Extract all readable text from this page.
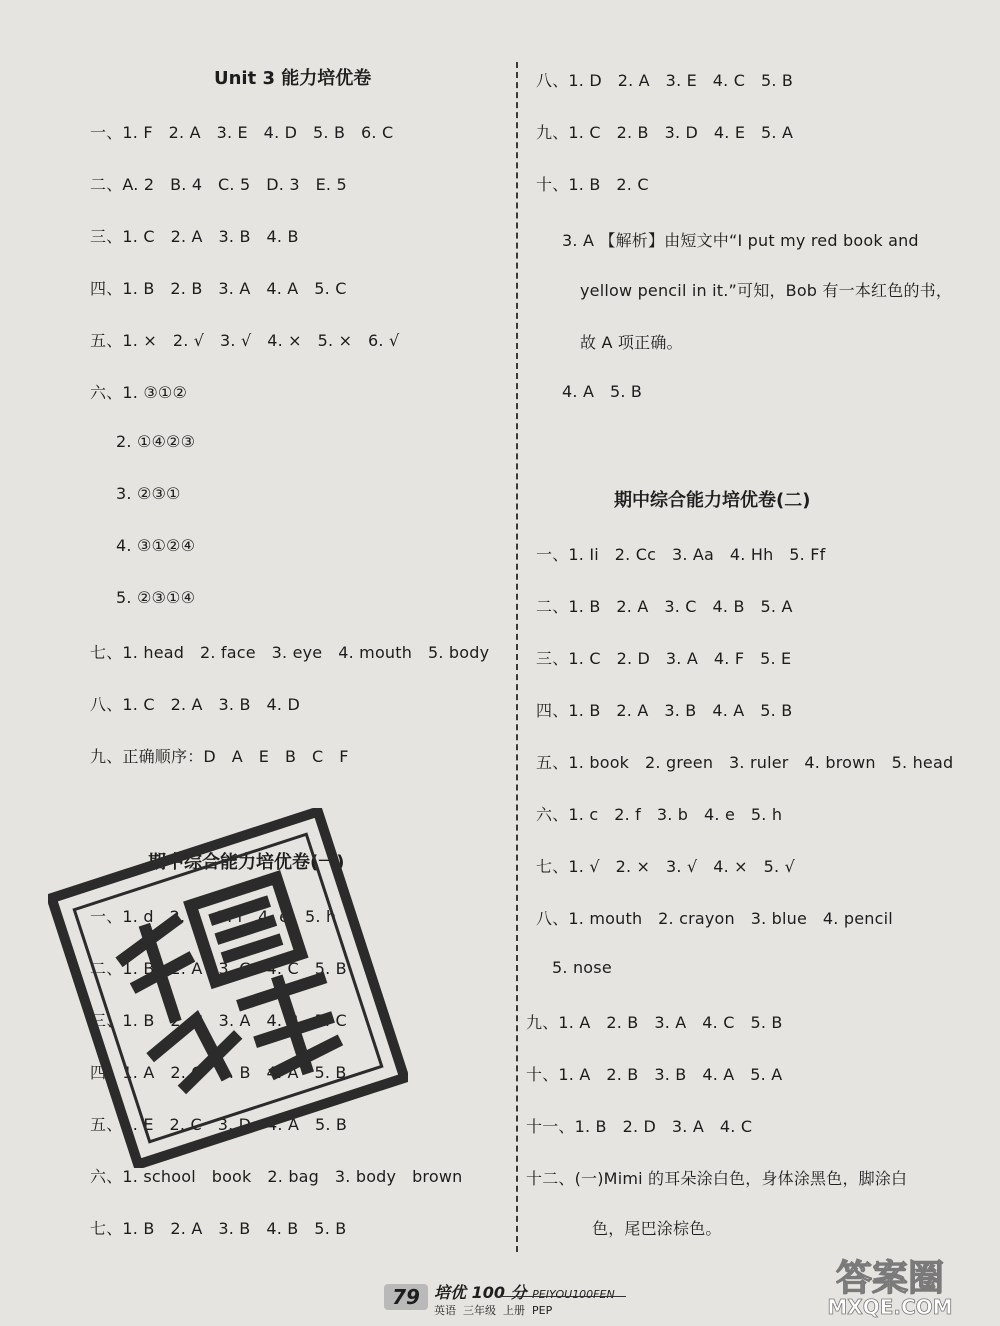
Unit 3 能力培优卷
一、1. F   2. A   3. E   4. D   5. B   6. C
二、A. 2   B. 4   C. 5   D. 3   E. 5
三、1. C   2. A   3. B   4. B
四、1. B   2. B   3. A   4. A   5. C
五、1. ×   2. √   3. √   4. ×   5. ×   6. √
六、1. ③①②
2. ①④②③
3. ②③①
4. ③①②④
5. ②③①④
七、1. head   2. face   3. eye   4. mouth   5. body
八、1. C   2. A   3. B   4. D
九、正确顺序：D   A   E   B   C   F
期中综合能力培优卷(一)
一、1. d   2. g   3. i   4. e   5. h
二、1. B   2. A   3. C   4. C   5. B
三、1. B   2. C   3. A   4. B   5. C
四、1. A   2. C   3. B   4. A   5. B
五、1. E   2. C   3. D   4. A   5. B
六、1. school   book   2. bag   3. body   brown
七、1. B   2. A   3. B   4. B   5. B
八、1. D   2. A   3. E   4. C   5. B
九、1. C   2. B   3. D   4. E   5. A
十、1. B   2. C
3. A 【解析】由短文中“I put my red book and
yellow pencil in it.”可知，Bob 有一本红色的书，
故 A 项正确。
4. A   5. B
期中综合能力培优卷(二)
一、1. Ii   2. Cc   3. Aa   4. Hh   5. Ff
二、1. B   2. A   3. C   4. B   5. A
三、1. C   2. D   3. A   4. F   5. E
四、1. B   2. A   3. B   4. A   5. B
五、1. book   2. green   3. ruler   4. brown   5. head
六、1. c   2. f   3. b   4. e   5. h
七、1. √   2. ×   3. √   4. ×   5. √
八、1. mouth   2. crayon   3. blue   4. pencil
5. nose
九、1. A   2. B   3. A   4. C   5. B
十、1. A   2. B   3. B   4. A   5. A
十一、1. B   2. D   3. A   4. C
十二、(一)Mimi 的耳朵涂白色，身体涂黑色，脚涂白
色，尾巴涂棕色。
79 培优 100 分 PEIYOU100FEN
英语 三年级 上册 PEP
答案圈
MXQE.COM
